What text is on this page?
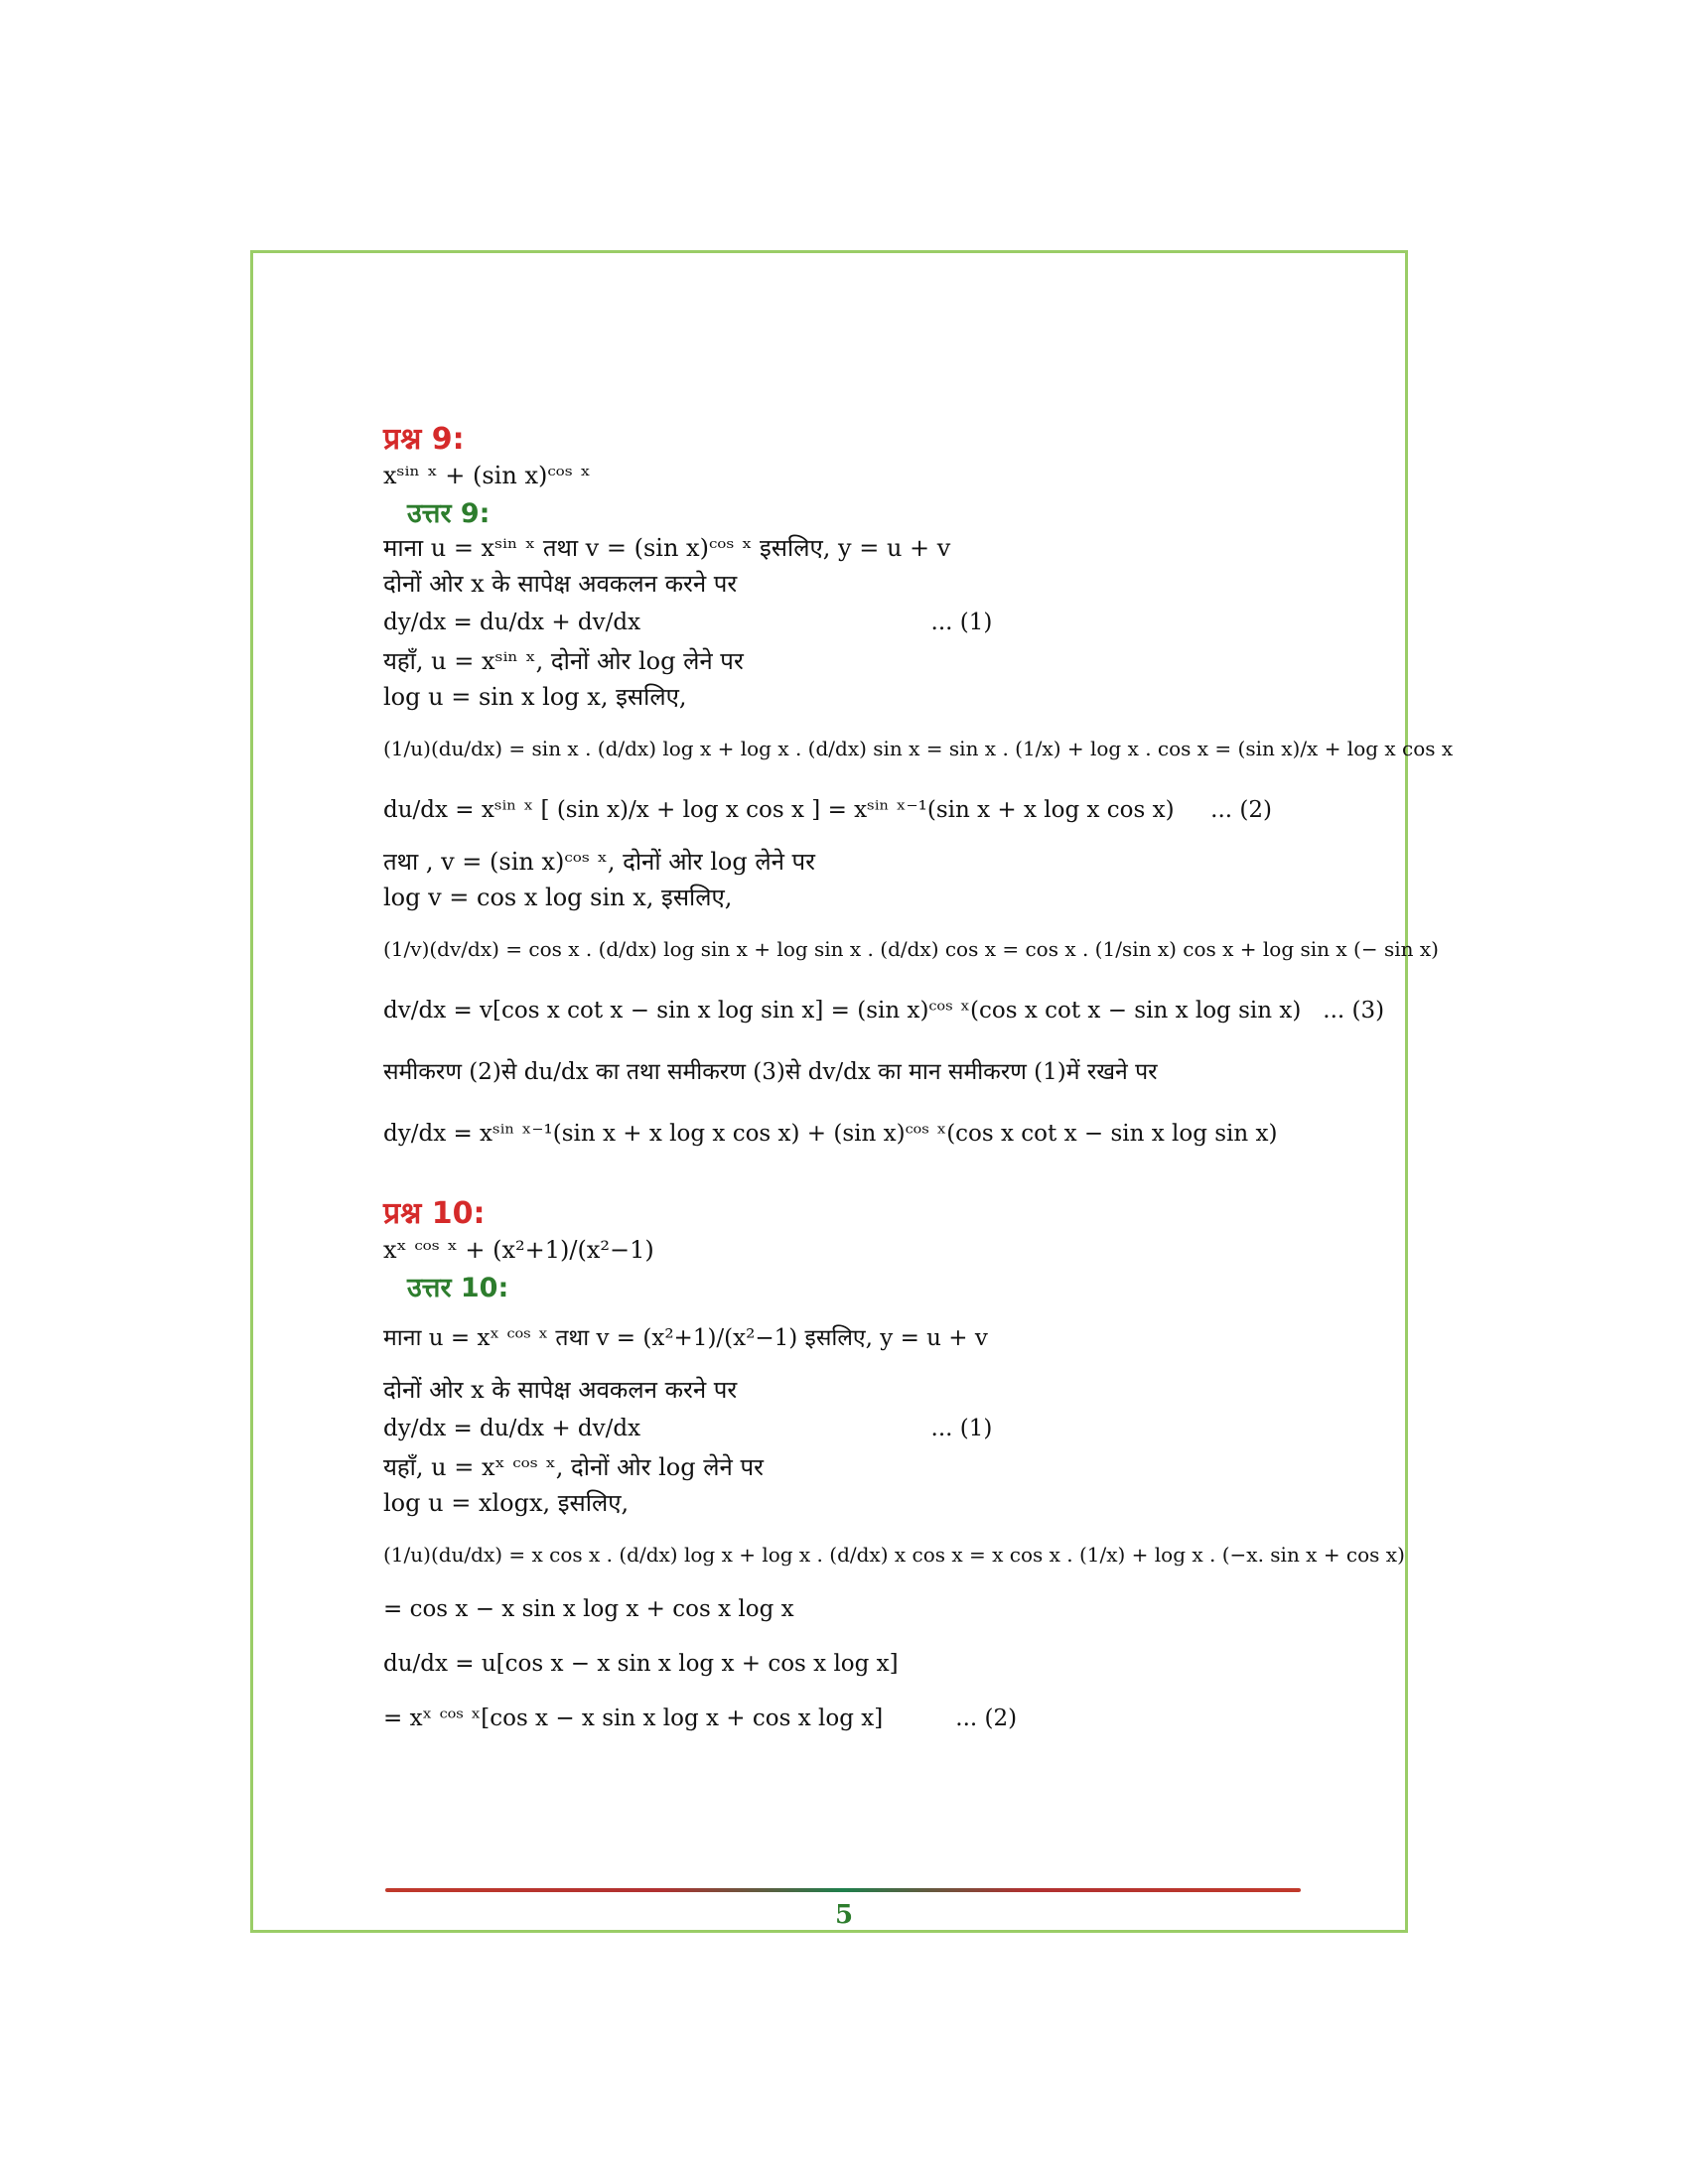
प्रश्न 9:
xˢⁱⁿ ˣ + (sin x)ᶜᵒˢ ˣ
उत्तर 9:
माना u = xˢⁱⁿ ˣ तथा v = (sin x)ᶜᵒˢ ˣ इसलिए, y = u + v
दोनों ओर x के सापेक्ष अवकलन करने पर
dy/dx = du/dx + dv/dx                                        ... (1)
यहाँ, u = xˢⁱⁿ ˣ, दोनों ओर log लेने पर
log u = sin x log x, इसलिए,
(1/u)(du/dx) = sin x . (d/dx) log x + log x . (d/dx) sin x = sin x . (1/x) + log x . cos x = (sin x)/x + log x cos x
du/dx = xˢⁱⁿ ˣ [ (sin x)/x + log x cos x ] = xˢⁱⁿ ˣ⁻¹(sin x + x log x cos x)     ... (2)
तथा , v = (sin x)ᶜᵒˢ ˣ, दोनों ओर log लेने पर
log v = cos x log sin x, इसलिए,
(1/v)(dv/dx) = cos x . (d/dx) log sin x + log sin x . (d/dx) cos x = cos x . (1/sin x) cos x + log sin x (− sin x)
dv/dx = v[cos x cot x − sin x log sin x] = (sin x)ᶜᵒˢ ˣ(cos x cot x − sin x log sin x)   ... (3)
समीकरण (2)से du/dx का तथा समीकरण (3)से dv/dx का मान समीकरण (1)में रखने पर
dy/dx = xˢⁱⁿ ˣ⁻¹(sin x + x log x cos x) + (sin x)ᶜᵒˢ ˣ(cos x cot x − sin x log sin x)
प्रश्न 10:
xˣ ᶜᵒˢ ˣ + (x²+1)/(x²−1)
उत्तर 10:
माना u = xˣ ᶜᵒˢ ˣ तथा v = (x²+1)/(x²−1) इसलिए, y = u + v
दोनों ओर x के सापेक्ष अवकलन करने पर
dy/dx = du/dx + dv/dx                                        ... (1)
यहाँ, u = xˣ ᶜᵒˢ ˣ, दोनों ओर log लेने पर
log u = xlogx, इसलिए,
(1/u)(du/dx) = x cos x . (d/dx) log x + log x . (d/dx) x cos x = x cos x . (1/x) + log x . (−x. sin x + cos x)
= cos x − x sin x log x + cos x log x
du/dx = u[cos x − x sin x log x + cos x log x]
= xˣ ᶜᵒˢ ˣ[cos x − x sin x log x + cos x log x]          ... (2)
5
